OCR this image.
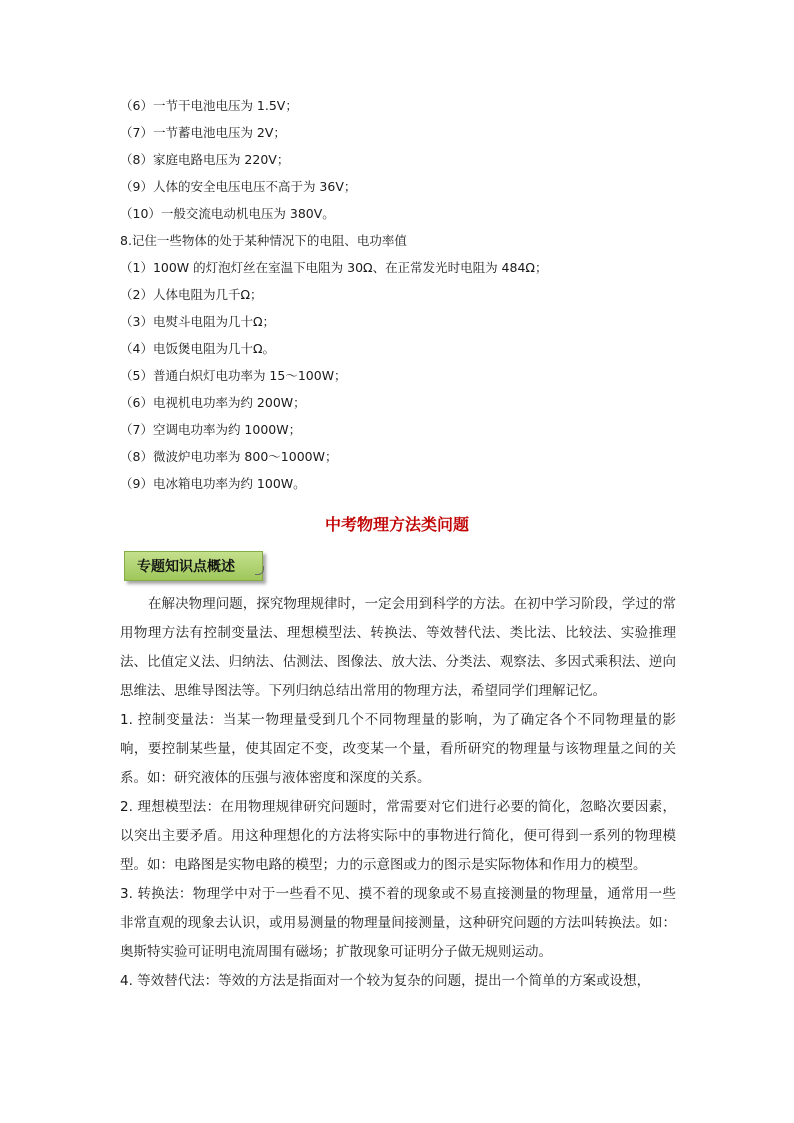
（6）一节干电池电压为 1.5V；
（7）一节蓄电池电压为 2V；
（8）家庭电路电压为 220V；
（9）人体的安全电压电压不高于为 36V；
（10）一般交流电动机电压为 380V。
8.记住一些物体的处于某种情况下的电阻、电功率值
（1）100W 的灯泡灯丝在室温下电阻为 30Ω、在正常发光时电阻为 484Ω；
（2）人体电阻为几千Ω；
（3）电熨斗电阻为几十Ω；
（4）电饭煲电阻为几十Ω。
（5）普通白炽灯电功率为 15～100W；
（6）电视机电功率为约 200W；
（7）空调电功率为约 1000W；
（8）微波炉电功率为 800～1000W；
（9）电冰箱电功率为约 100W。
中考物理方法类问题
专题知识点概述

在解决物理问题，探究物理规律时，一定会用到科学的方法。在初中学习阶段，学过的常用物理方法有控制变量法、理想模型法、转换法、等效替代法、类比法、比较法、实验推理法、比值定义法、归纳法、估测法、图像法、放大法、分类法、观察法、多因式乘积法、逆向思维法、思维导图法等。下列归纳总结出常用的物理方法，希望同学们理解记忆。

1. 控制变量法：当某一物理量受到几个不同物理量的影响，为了确定各个不同物理量的影响，要控制某些量，使其固定不变，改变某一个量，看所研究的物理量与该物理量之间的关系。如：研究液体的压强与液体密度和深度的关系。

2. 理想模型法：在用物理规律研究问题时，常需要对它们进行必要的简化，忽略次要因素，以突出主要矛盾。用这种理想化的方法将实际中的事物进行简化，便可得到一系列的物理模型。如：电路图是实物电路的模型；力的示意图或力的图示是实际物体和作用力的模型。

3. 转换法：物理学中对于一些看不见、摸不着的现象或不易直接测量的物理量，通常用一些非常直观的现象去认识，或用易测量的物理量间接测量，这种研究问题的方法叫转换法。如：奥斯特实验可证明电流周围有磁场；扩散现象可证明分子做无规则运动。

4. 等效替代法：等效的方法是指面对一个较为复杂的问题，提出一个简单的方案或设想，
